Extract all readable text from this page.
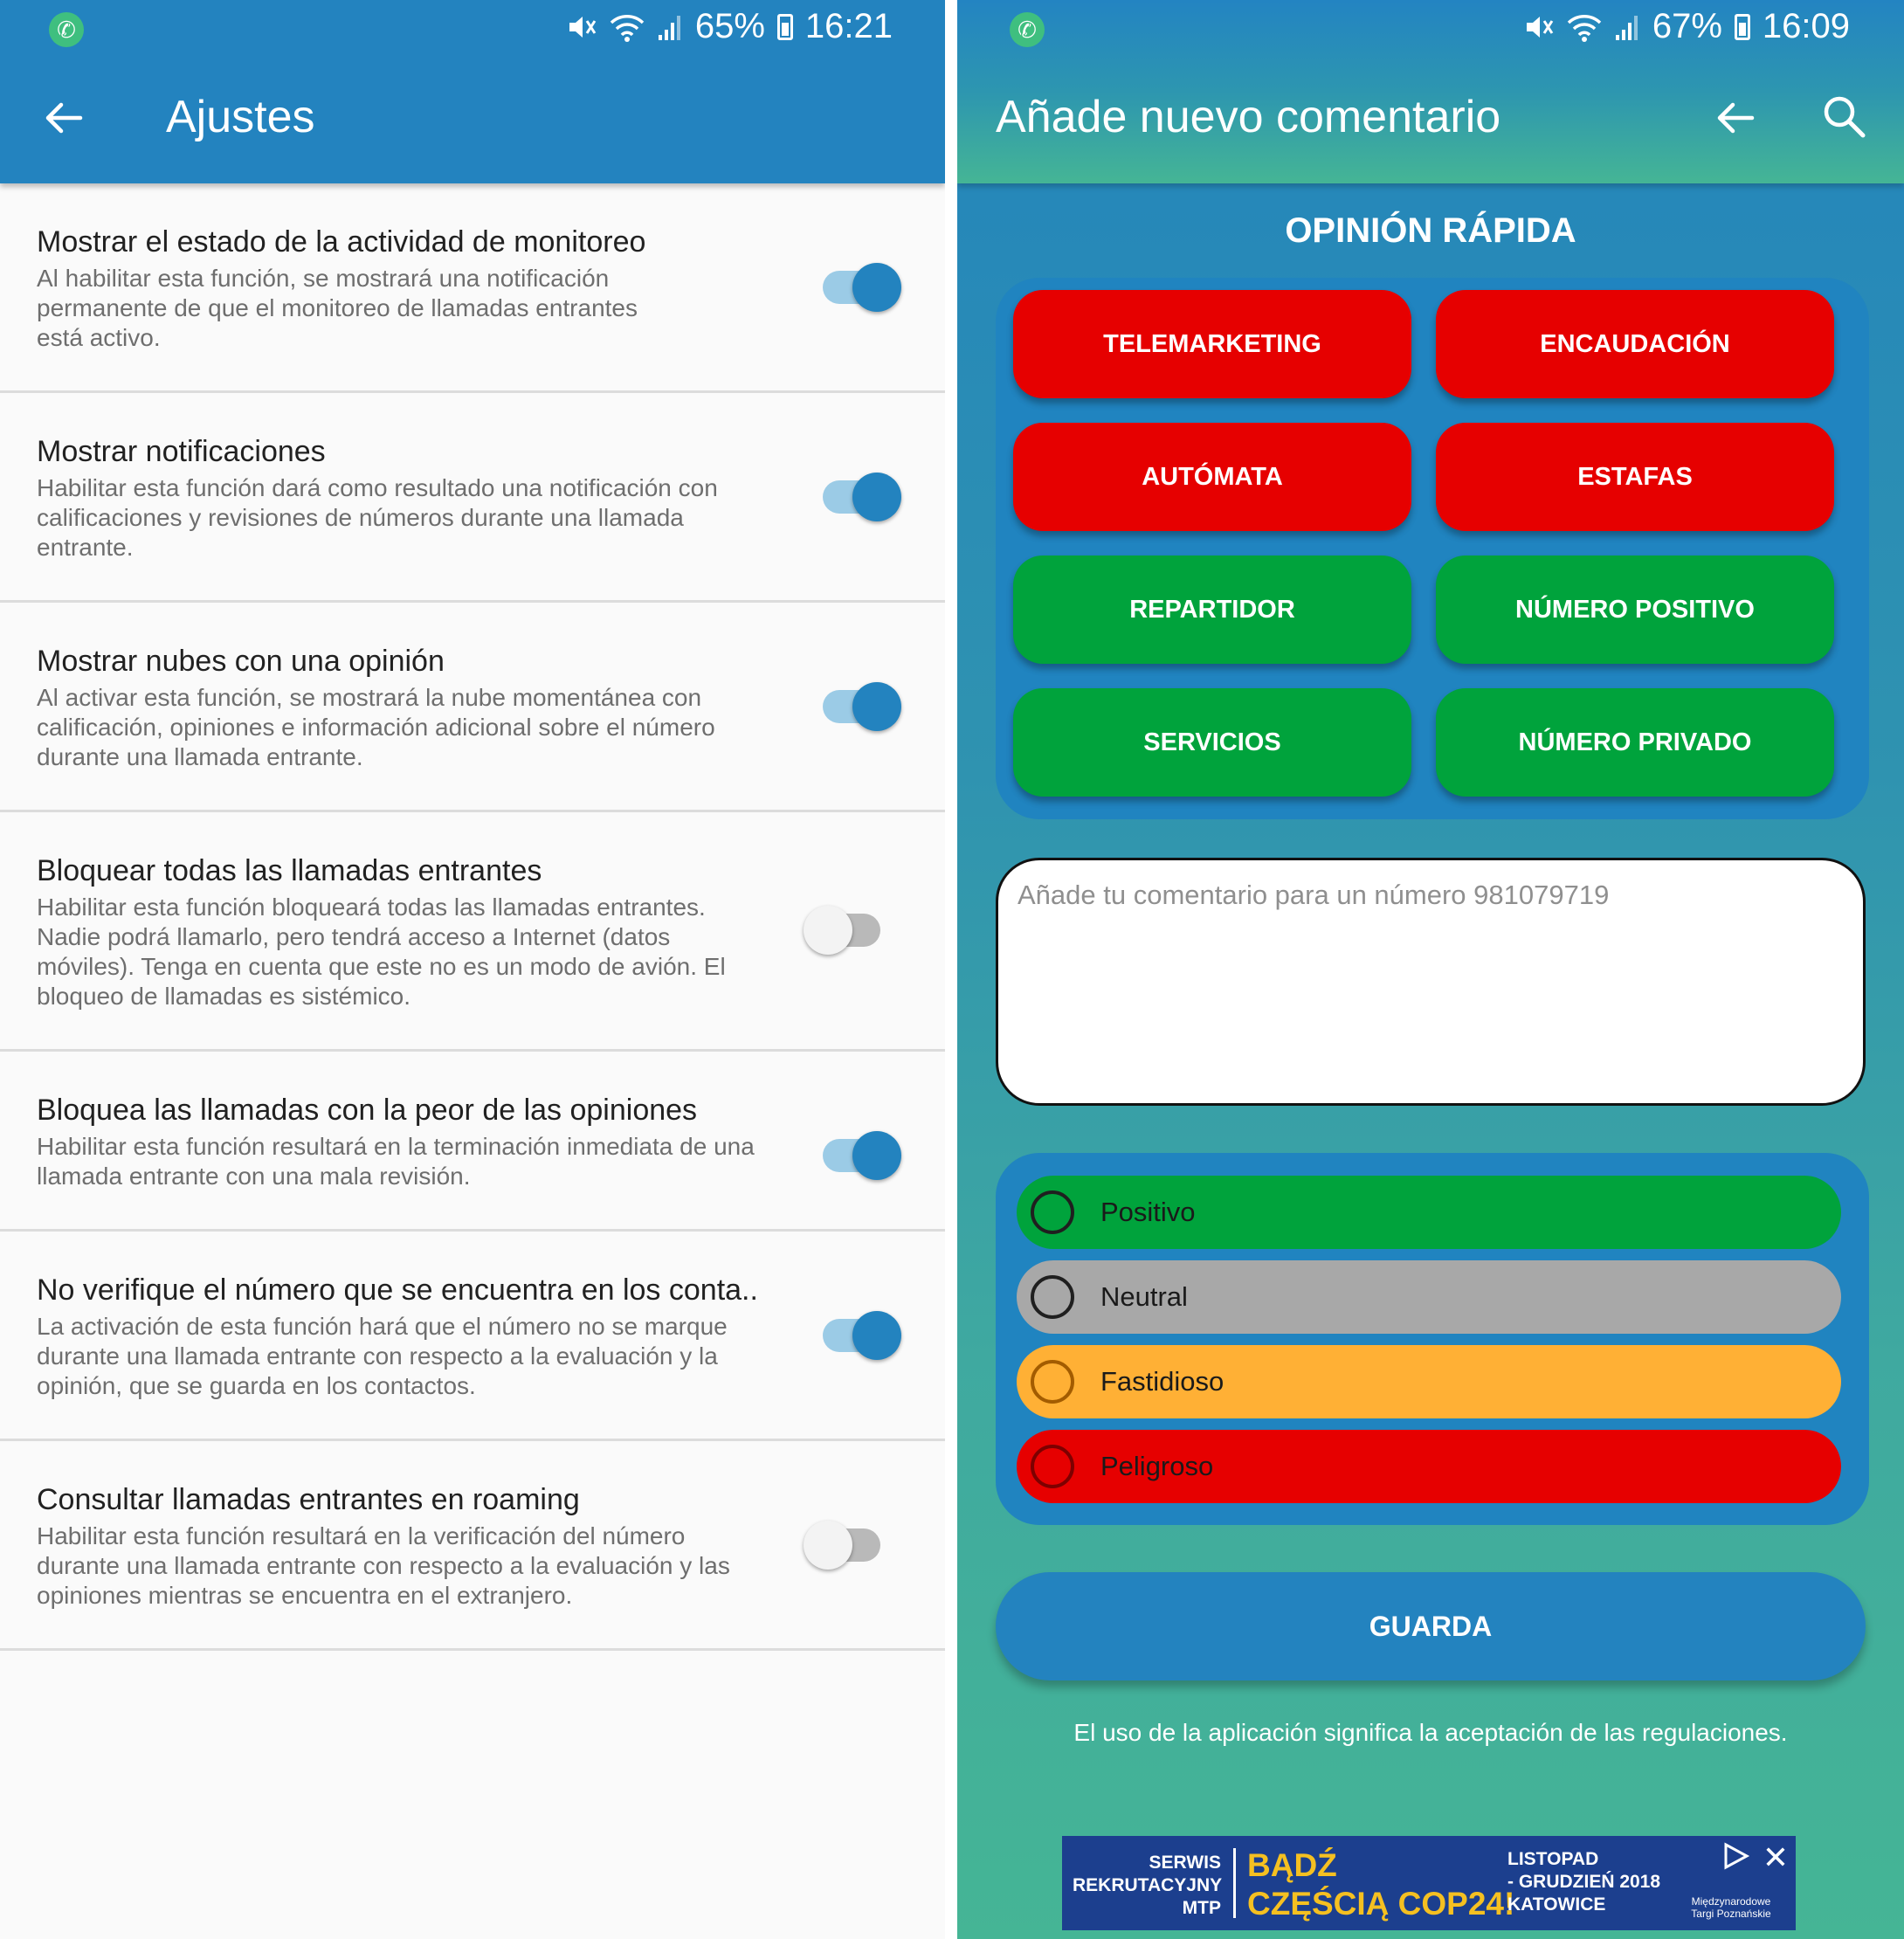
✆	65% 16:21
Ajustes
Mostrar el estado de la actividad de monitoreo
Al habilitar esta función, se mostrará una notificación permanente de que el monitoreo de llamadas entrantes está activo.
Mostrar notificaciones
Habilitar esta función dará como resultado una notificación con calificaciones y revisiones de números durante una llamada entrante.
Mostrar nubes con una opinión
Al activar esta función, se mostrará la nube momentánea con calificación, opiniones e información adicional sobre el número durante una llamada entrante.
Bloquear todas las llamadas entrantes
Habilitar esta función bloqueará todas las llamadas entrantes. Nadie podrá llamarlo, pero tendrá acceso a Internet (datos móviles). Tenga en cuenta que este no es un modo de avión. El bloqueo de llamadas es sistémico.
Bloquea las llamadas con la peor de las opiniones
Habilitar esta función resultará en la terminación inmediata de una llamada entrante con una mala revisión.
No verifique el número que se encuentra en los conta..
La activación de esta función hará que el número no se marque durante una llamada entrante con respecto a la evaluación y la opinión, que se guarda en los contactos.
Consultar llamadas entrantes en roaming
Habilitar esta función resultará en la verificación del número durante una llamada entrante con respecto a la evaluación y las opiniones mientras se encuentra en el extranjero.
✆	67% 16:09
Añade nuevo comentario
OPINIÓN RÁPIDA
TELEMARKETING	ENCAUDACIÓN
AUTÓMATA	ESTAFAS
REPARTIDOR	NÚMERO POSITIVO
SERVICIOS	NÚMERO PRIVADO
Añade tu comentario para un número 981079719
Positivo
Neutral
Fastidioso
Peligroso
GUARDA
El uso de la aplicación significa la aceptación de las regulaciones.
SERWIS
REKRUTACYJNY
MTP
BĄDŹ
CZĘŚCIĄ COP24!
LISTOPAD
- GRUDZIEŃ 2018
KATOWICE	Międzynarodowe
Targi Poznańskie
✕
